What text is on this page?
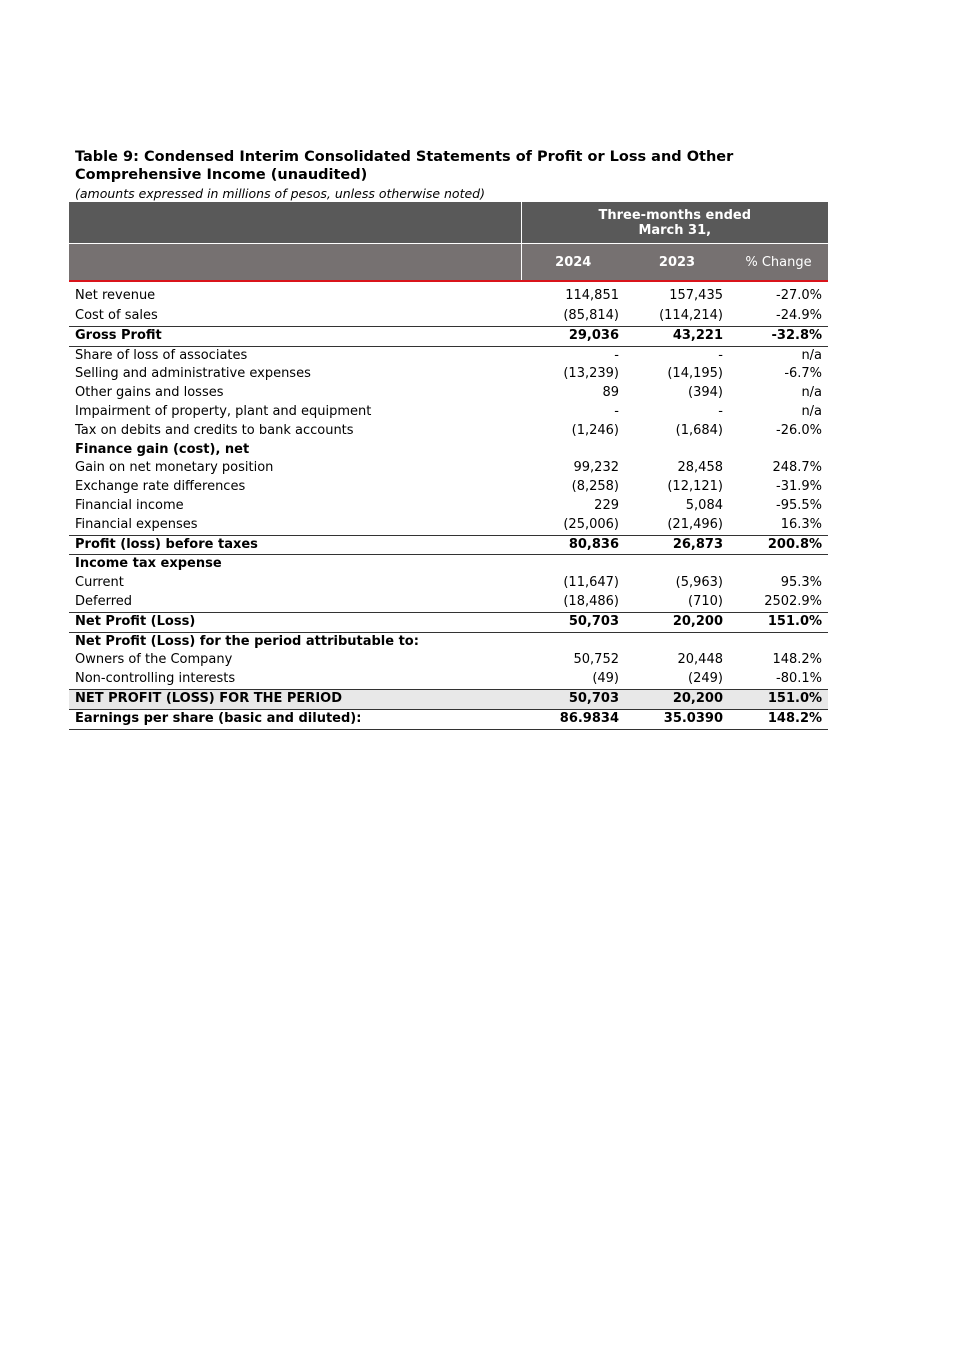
Table 9: Condensed Interim Consolidated Statements of Profit or Loss and Other Comprehensive Income (unaudited)
(amounts expressed in millions of pesos, unless otherwise noted)
	Three-months ended
March 31,		
	2024	2023	% Change

Net revenue	114,851	157,435	-27.0%
Cost of sales	(85,814)	(114,214)	-24.9%
Gross Profit	29,036	43,221	-32.8%
Share of loss of associates	-	-	n/a
Selling and administrative expenses	(13,239)	(14,195)	-6.7%
Other gains and losses	89	(394)	n/a
Impairment of property, plant and equipment	-	-	n/a
Tax on debits and credits to bank accounts	(1,246)	(1,684)	-26.0%
Finance gain (cost), net			
Gain on net monetary position	99,232	28,458	248.7%
Exchange rate differences	(8,258)	(12,121)	-31.9%
Financial income	229	5,084	-95.5%
Financial expenses	(25,006)	(21,496)	16.3%
Profit (loss) before taxes	80,836	26,873	200.8%
Income tax expense			
Current	(11,647)	(5,963)	95.3%
Deferred	(18,486)	(710)	2502.9%
Net Profit (Loss)	50,703	20,200	151.0%
Net Profit (Loss) for the period attributable to:			
Owners of the Company	50,752	20,448	148.2%
Non-controlling interests	(49)	(249)	-80.1%
NET PROFIT (LOSS) FOR THE PERIOD	50,703	20,200	151.0%
Earnings per share (basic and diluted):	86.9834	35.0390	148.2%
